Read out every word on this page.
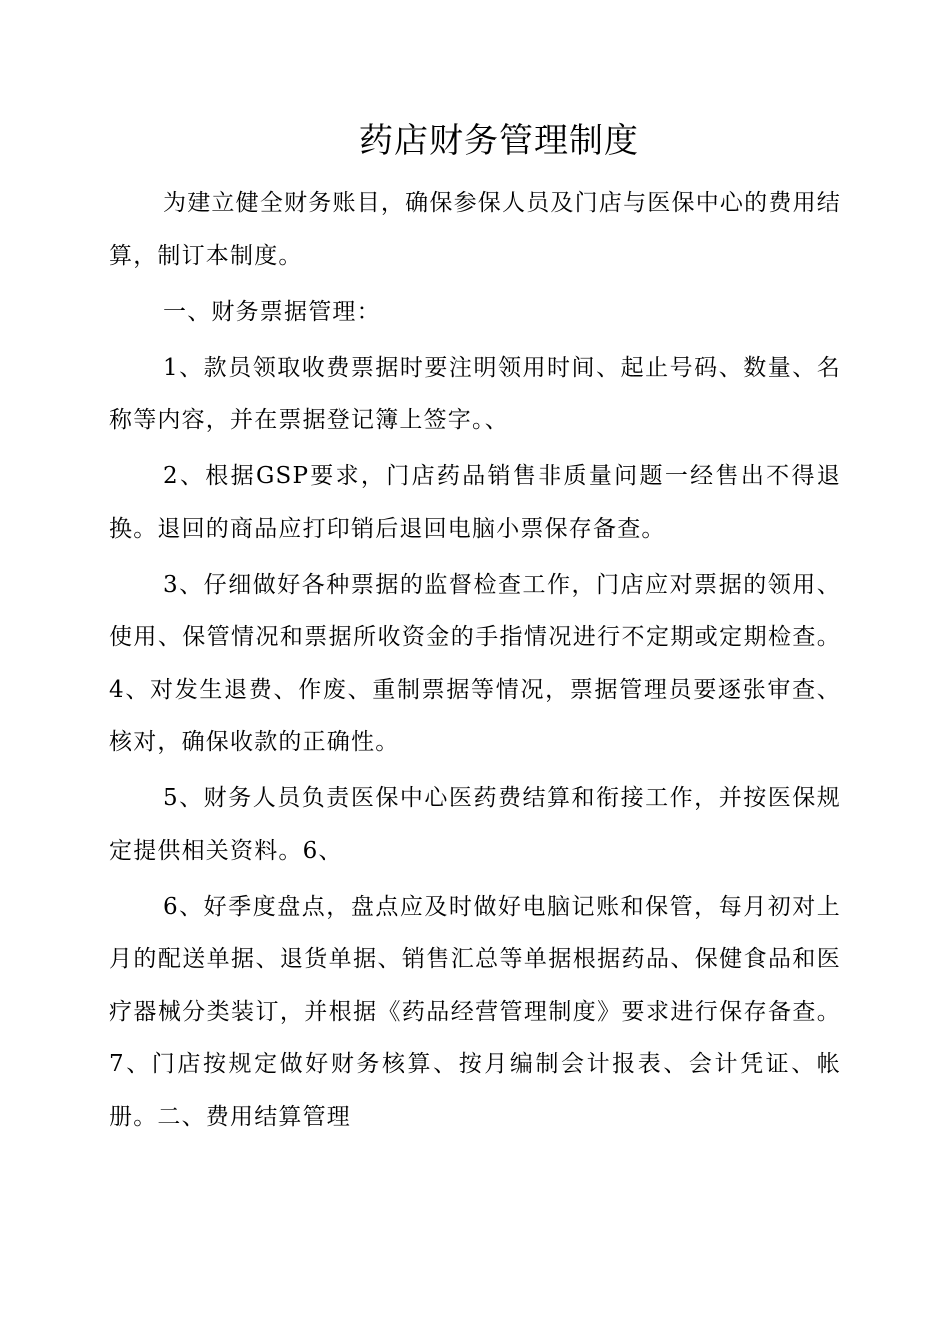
药店财务管理制度

为建立健全财务账目，确保参保人员及门店与医保中心的费用结算，制订本制度。

一、财务票据管理：

1、款员领取收费票据时要注明领用时间、起止号码、数量、名称等内容，并在票据登记簿上签字。、

2、根据GSP要求，门店药品销售非质量问题一经售出不得退换。退回的商品应打印销后退回电脑小票保存备查。

3、仔细做好各种票据的监督检查工作，门店应对票据的领用、使用、保管情况和票据所收资金的手指情况进行不定期或定期检查。4、对发生退费、作废、重制票据等情况，票据管理员要逐张审查、核对，确保收款的正确性。

5、财务人员负责医保中心医药费结算和衔接工作，并按医保规定提供相关资料。6、

6、好季度盘点，盘点应及时做好电脑记账和保管，每月初对上月的配送单据、退货单据、销售汇总等单据根据药品、保健食品和医疗器械分类装订，并根据《药品经营管理制度》要求进行保存备查。7、门店按规定做好财务核算、按月编制会计报表、会计凭证、帐册。二、费用结算管理
